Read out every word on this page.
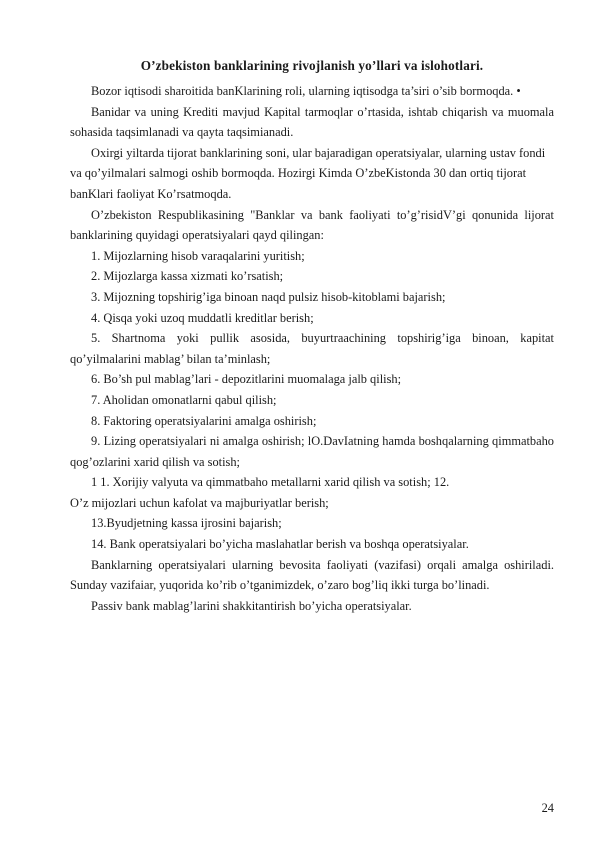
O’zbekiston banklarining rivojlanish yo’llari va islohotlari.

Bozor iqtisodi sharoitida banKlarining roli, ularning iqtisodga ta’siri o’sib bormoqda. •

Banidar va uning Krediti mavjud Kapital tarmoqlar o’rtasida, ishtab chiqarish va muomala sohasida taqsimlanadi va qayta taqsimianadi.

Oxirgi yiltarda tijorat banklarining soni, ular bajaradigan operatsiyalar, ularning ustav fondi va qo’yilmalari salmogi oshib bormoqda. Hozirgi Kimda O’zbeKistonda 30 dan ortiq tijorat banKlari faoliyat Ko’rsatmoqda.

O’zbekiston Respublikasining "Banklar va bank faoliyati to’g’risidV’gi qonunida lijorat banklarining quyidagi operatsiyalari qayd qilingan:

1. Mijozlarning hisob varaqalarini yuritish;

2. Mijozlarga kassa xizmati ko’rsatish;

3. Mijozning topshirig’iga binoan naqd pulsiz hisob-kitoblami bajarish;

4. Qisqa yoki uzoq muddatli kreditlar berish;

5. Shartnoma yoki pullik asosida, buyurtraachining topshirig’iga binoan, kapitat qo’yilmalarini mablag’ bilan ta’minlash;

6. Bo’sh pul mablag’lari - depozitlarini muomalaga jalb qilish;

7. Aholidan omonatlarni qabul qilish;

8. Faktoring operatsiyalarini amalga oshirish;

9. Lizing operatsiyalari ni amalga oshirish; lO.DavIatning hamda boshqalarning qimmatbaho qog’ozlarini xarid qilish va sotish;

1 1. Xorijiy valyuta va qimmatbaho metallarni xarid qilish va sotish; 12.

O’z mijozlari uchun kafolat va majburiyatlar berish;

13.Byudjetning kassa ijrosini bajarish;

14. Bank operatsiyalari bo’yicha maslahatlar berish va boshqa operatsiyalar.

Banklarning operatsiyalari ularning bevosita faoliyati (vazifasi) orqali amalga oshiriladi. Sunday vazifaiar, yuqorida ko’rib o’tganimizdek, o’zaro bog’liq ikki turga bo’linadi.

Passiv bank mablag’larini shakkitantirish bo’yicha operatsiyalar.

24
